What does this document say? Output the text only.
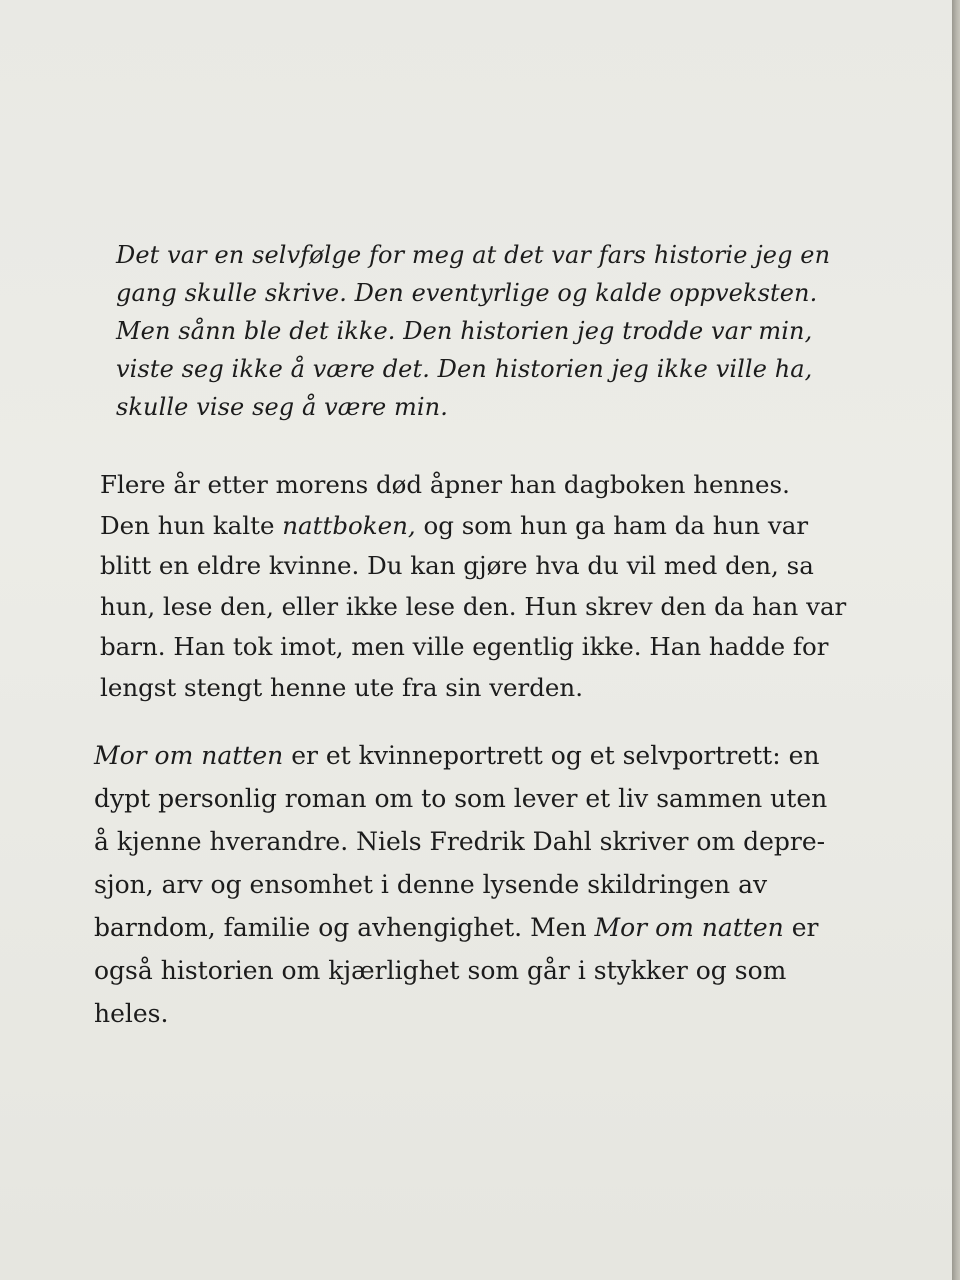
Det var en selvfølge for meg at det var fars historie jeg en
gang skulle skrive. Den eventyrlige og kalde oppveksten.
Men sånn ble det ikke. Den historien jeg trodde var min,
viste seg ikke å være det. Den historien jeg ikke ville ha,
skulle vise seg å være min.
Flere år etter morens død åpner han dagboken hennes.
Den hun kalte nattboken, og som hun ga ham da hun var
blitt en eldre kvinne. Du kan gjøre hva du vil med den, sa
hun, lese den, eller ikke lese den. Hun skrev den da han var
barn. Han tok imot, men ville egentlig ikke. Han hadde for
lengst stengt henne ute fra sin verden.
Mor om natten er et kvinneportrett og et selvportrett: en
dypt personlig roman om to som lever et liv sammen uten
å kjenne hverandre. Niels Fredrik Dahl skriver om depre-
sjon, arv og ensomhet i denne lysende skildringen av
barndom, familie og avhengighet. Men Mor om natten er
også historien om kjærlighet som går i stykker og som
heles.
